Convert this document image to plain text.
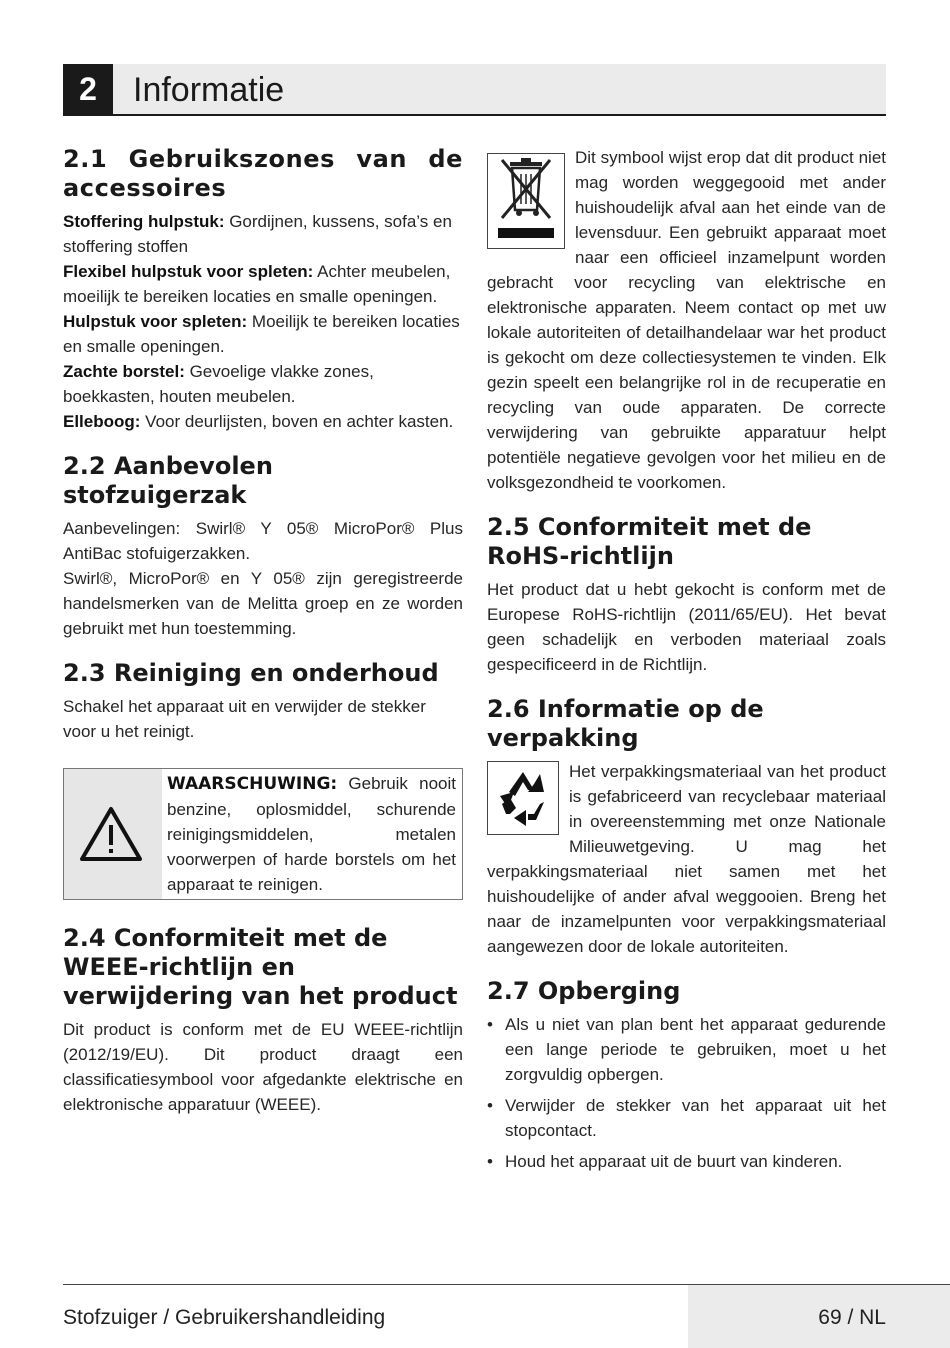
2	Informatie
2.1 Gebruikszones van de accessoires
Stoffering hulpstuk: Gordijnen, kussens, sofa’s en stoffering stoffen
Flexibel hulpstuk voor spleten: Achter meubelen, moeilijk te bereiken locaties en smalle openingen.
Hulpstuk voor spleten: Moeilijk te bereiken locaties en smalle openingen.
Zachte borstel: Gevoelige vlakke zones, boekkasten, houten meubelen.
Elleboog: Voor deurlijsten, boven en achter kasten.
2.2 Aanbevolen stofzuigerzak

Aanbevelingen: Swirl® Y 05® MicroPor® Plus AntiBac stofuigerzakken.

Swirl®, MicroPor® en Y 05® zijn geregistreerde handelsmerken van de Melitta groep en ze worden gebruikt met hun toestemming.

2.3 Reiniging en onderhoud

Schakel het apparaat uit en verwijder de stekker voor u het reinigt.

WAARSCHUWING: Gebruik nooit benzine, oplosmiddel, schurende reinigingsmiddelen, metalen voorwerpen of harde borstels om het apparaat te reinigen.
2.4 Conformiteit met de WEEE-richtlijn en verwijdering van het product

Dit product is conform met de EU WEEE-richtlijn (2012/19/EU). Dit product draagt een classificatiesymbool voor afgedankte elektrische en elektronische apparatuur (WEEE).

Dit symbool wijst erop dat dit product niet mag worden weggegooid met ander huishoudelijk afval aan het einde van de levensduur. Een gebruikt apparaat moet naar een officieel inzamelpunt worden gebracht voor recycling van elektrische en elektronische apparaten. Neem contact op met uw lokale autoriteiten of detailhandelaar war het product is gekocht om deze collectiesystemen te vinden. Elk gezin speelt een belangrijke rol in de recuperatie en recycling van oude apparaten. De correcte verwijdering van gebruikte apparatuur helpt potentiële negatieve gevolgen voor het milieu en de volksgezondheid te voorkomen.

2.5 Conformiteit met de RoHS-richtlijn

Het product dat u hebt gekocht is conform met de Europese RoHS-richtlijn (2011/65/EU). Het bevat geen schadelijk en verboden materiaal zoals gespecificeerd in de Richtlijn.

2.6 Informatie op de verpakking

Het verpakkingsmateriaal van het product is gefabriceerd van recyclebaar materiaal in overeenstemming met onze Nationale Milieuwetgeving. U mag het verpakkingsmateriaal niet samen met het huishoudelijke of ander afval weggooien. Breng het naar de inzamelpunten voor verpakkingsmateriaal aangewezen door de lokale autoriteiten.

2.7 Opberging
• Als u niet van plan bent het apparaat gedurende een lange periode te gebruiken, moet u het zorgvuldig opbergen.
• Verwijder de stekker van het apparaat uit het stopcontact.
• Houd het apparaat uit de buurt van kinderen.
Stofzuiger / Gebruikershandleiding	69 / NL
